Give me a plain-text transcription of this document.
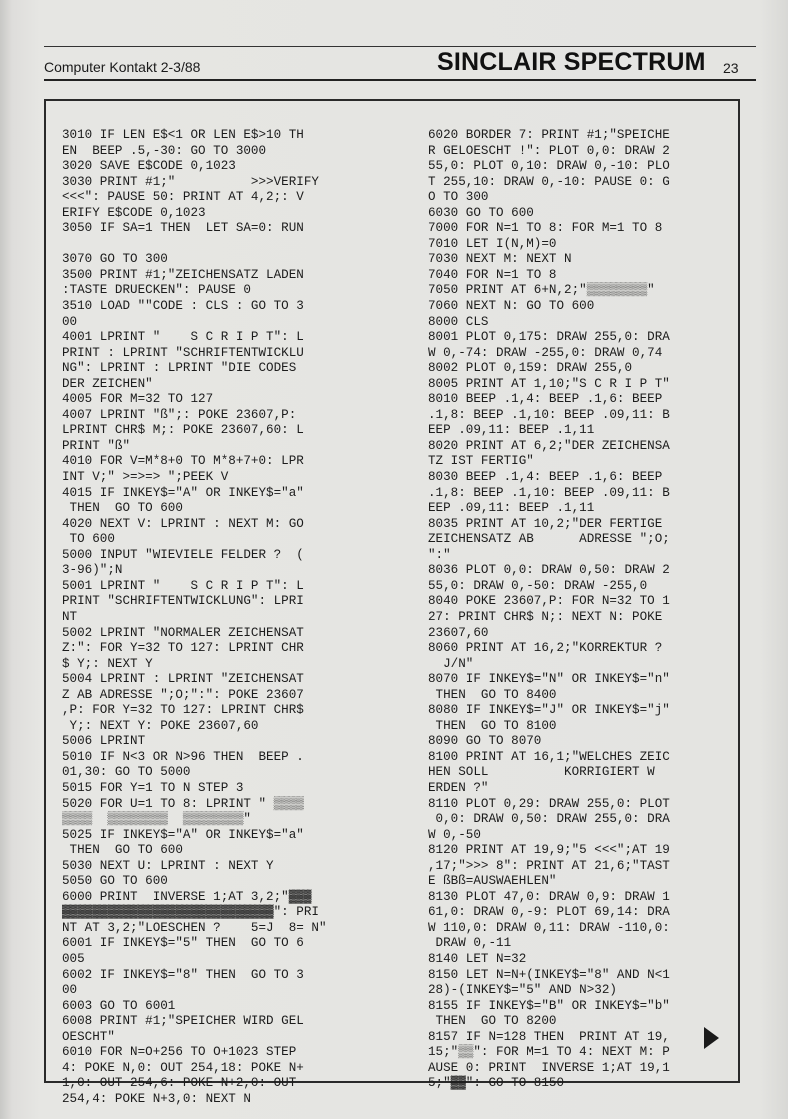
Computer Kontakt 2-3/88	SINCLAIR SPECTRUM 23
3010 IF LEN E$<1 OR LEN E$>10 TH
EN  BEEP .5,-30: GO TO 3000
3020 SAVE E$CODE 0,1023
3030 PRINT #1;"          >>>VERIFY
<<<": PAUSE 50: PRINT AT 4,2;: V
ERIFY E$CODE 0,1023
3050 IF SA=1 THEN  LET SA=0: RUN
3070 GO TO 300
3500 PRINT #1;"ZEICHENSATZ LADEN
:TASTE DRUECKEN": PAUSE 0
3510 LOAD ""CODE : CLS : GO TO 3
00
4001 LPRINT "    S C R I P T": L
PRINT : LPRINT "SCHRIFTENTWICKLU
NG": LPRINT : LPRINT "DIE CODES
DER ZEICHEN"
4005 FOR M=32 TO 127
4007 LPRINT "ß";: POKE 23607,P:
LPRINT CHR$ M;: POKE 23607,60: L
PRINT "ß"
4010 FOR V=M*8+0 TO M*8+7+0: LPR
INT V;" >=>=> ";PEEK V
4015 IF INKEY$="A" OR INKEY$="a"
THEN  GO TO 600
4020 NEXT V: LPRINT : NEXT M: GO
TO 600
5000 INPUT "WIEVIELE FELDER ?  (
3-96)";N
5001 LPRINT "    S C R I P T": L
PRINT "SCHRIFTENTWICKLUNG": LPRI
NT
5002 LPRINT "NORMALER ZEICHENSAT
Z:": FOR Y=32 TO 127: LPRINT CHR
$ Y;: NEXT Y
5004 LPRINT : LPRINT "ZEICHENSAT
Z AB ADRESSE ";O;":": POKE 23607
,P: FOR Y=32 TO 127: LPRINT CHR$
Y;: NEXT Y: POKE 23607,60
5006 LPRINT
5010 IF N<3 OR N>96 THEN  BEEP .
01,30: GO TO 5000
5015 FOR Y=1 TO N STEP 3
5020 FOR U=1 TO 8: LPRINT " ▒▒▒▒
▒▒▒▒  ▒▒▒▒▒▒▒▒  ▒▒▒▒▒▒▒▒"
5025 IF INKEY$="A" OR INKEY$="a"
THEN  GO TO 600
5030 NEXT U: LPRINT : NEXT Y
5050 GO TO 600
6000 PRINT  INVERSE 1;AT 3,2;"▓▓▓
▓▓▓▓▓▓▓▓▓▓▓▓▓▓▓▓▓▓▓▓▓▓▓▓▓▓▓▓": PRI
NT AT 3,2;"LOESCHEN ?    5=J  8= N"
6001 IF INKEY$="5" THEN  GO TO 6
005
6002 IF INKEY$="8" THEN  GO TO 3
00
6003 GO TO 6001
6008 PRINT #1;"SPEICHER WIRD GEL
OESCHT"
6010 FOR N=O+256 TO O+1023 STEP
4: POKE N,0: OUT 254,18: POKE N+
1,0: OUT 254,6: POKE N+2,0: OUT
254,4: POKE N+3,0: NEXT N
6020 BORDER 7: PRINT #1;"SPEICHE
R GELOESCHT !": PLOT 0,0: DRAW 2
55,0: PLOT 0,10: DRAW 0,-10: PLO
T 255,10: DRAW 0,-10: PAUSE 0: G
O TO 300
6030 GO TO 600
7000 FOR N=1 TO 8: FOR M=1 TO 8
7010 LET I(N,M)=0
7030 NEXT M: NEXT N
7040 FOR N=1 TO 8
7050 PRINT AT 6+N,2;"▒▒▒▒▒▒▒▒"
7060 NEXT N: GO TO 600
8000 CLS
8001 PLOT 0,175: DRAW 255,0: DRA
W 0,-74: DRAW -255,0: DRAW 0,74
8002 PLOT 0,159: DRAW 255,0
8005 PRINT AT 1,10;"S C R I P T"
8010 BEEP .1,4: BEEP .1,6: BEEP
.1,8: BEEP .1,10: BEEP .09,11: B
EEP .09,11: BEEP .1,11
8020 PRINT AT 6,2;"DER ZEICHENSA
TZ IST FERTIG"
8030 BEEP .1,4: BEEP .1,6: BEEP
.1,8: BEEP .1,10: BEEP .09,11: B
EEP .09,11: BEEP .1,11
8035 PRINT AT 10,2;"DER FERTIGE
ZEICHENSATZ AB      ADRESSE ";O;
":"
8036 PLOT 0,0: DRAW 0,50: DRAW 2
55,0: DRAW 0,-50: DRAW -255,0
8040 POKE 23607,P: FOR N=32 TO 1
27: PRINT CHR$ N;: NEXT N: POKE
23607,60
8060 PRINT AT 16,2;"KORREKTUR ?
J/N"
8070 IF INKEY$="N" OR INKEY$="n"
THEN  GO TO 8400
8080 IF INKEY$="J" OR INKEY$="j"
THEN  GO TO 8100
8090 GO TO 8070
8100 PRINT AT 16,1;"WELCHES ZEIC
HEN SOLL          KORRIGIERT W
ERDEN ?"
8110 PLOT 0,29: DRAW 255,0: PLOT
0,0: DRAW 0,50: DRAW 255,0: DRA
W 0,-50
8120 PRINT AT 19,9;"5 <<<";AT 19
,17;">>> 8": PRINT AT 21,6;"TAST
E ßBß=AUSWAEHLEN"
8130 PLOT 47,0: DRAW 0,9: DRAW 1
61,0: DRAW 0,-9: PLOT 69,14: DRA
W 110,0: DRAW 0,11: DRAW -110,0:
DRAW 0,-11
8140 LET N=32
8150 LET N=N+(INKEY$="8" AND N<1
28)-(INKEY$="5" AND N>32)
8155 IF INKEY$="B" OR INKEY$="b"
THEN  GO TO 8200
8157 IF N=128 THEN  PRINT AT 19,
15;"▒▒": FOR M=1 TO 4: NEXT M: P
AUSE 0: PRINT  INVERSE 1;AT 19,1
5;"▓▓": GO TO 8150
